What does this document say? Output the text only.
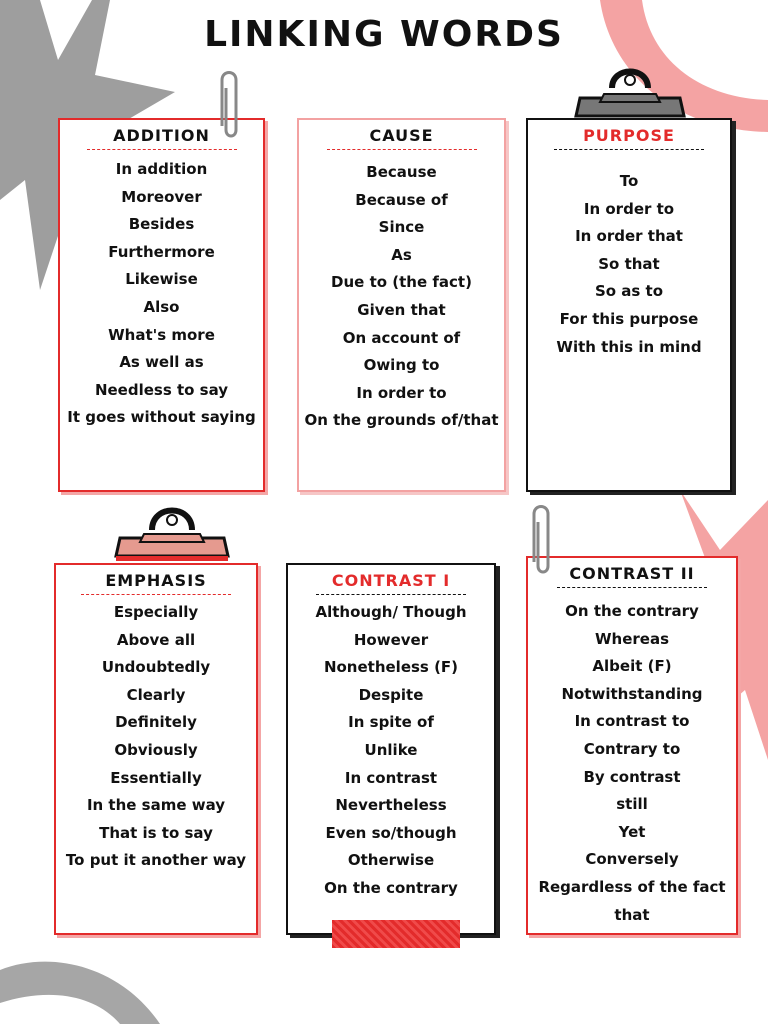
LINKING WORDS
ADDITION
In addition
Moreover
Besides
Furthermore
Likewise
Also
What's more
As well as
Needless to say
It goes without saying
CAUSE
Because
Because of
Since
As
Due to (the fact)
Given that
On account of
Owing to
In order to
On the grounds of/that
PURPOSE
To
In order to
In order that
So that
So as to
For this purpose
With this in mind
EMPHASIS
Especially
Above all
Undoubtedly
Clearly
Definitely
Obviously
Essentially
In the same way
That is to say
To put it another way
CONTRAST I
Although/ Though
However
Nonetheless (F)
Despite
In spite of
Unlike
In contrast
Nevertheless
Even so/though
Otherwise
On the contrary
CONTRAST II
On the contrary
Whereas
Albeit (F)
Notwithstanding
In contrast to
Contrary to
By contrast
still
Yet
Conversely
Regardless of the fact
that
